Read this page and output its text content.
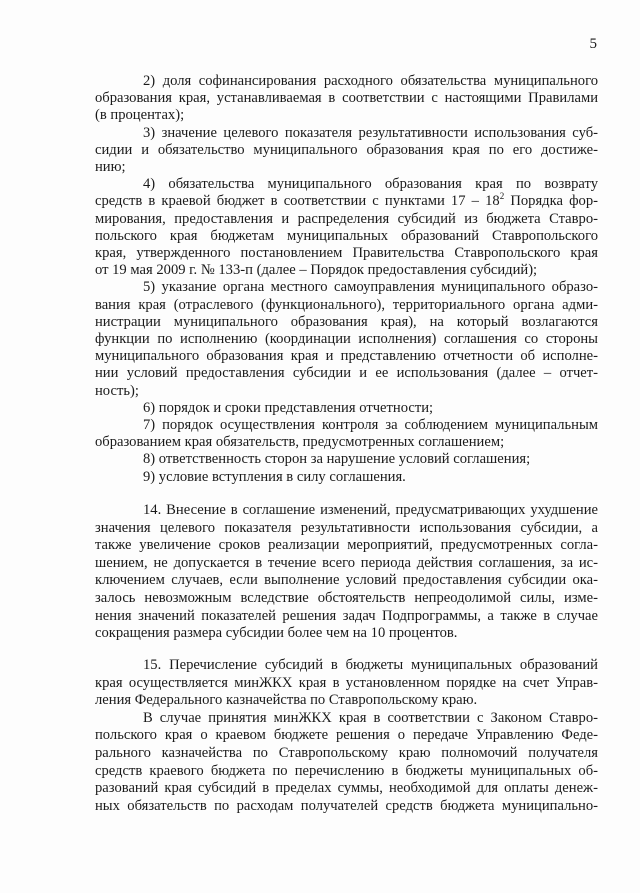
5
2) доля софинансирования расходного обязательства муниципального
образования края, устанавливаемая в соответствии с настоящими Правилами
(в процентах);
3) значение целевого показателя результативности использования суб-
сидии и обязательство муниципального образования края по его достиже-
нию;
4) обязательства муниципального образования края по возврату
средств в краевой бюджет в соответствии с пунктами $17 - 18^2$ Порядка фор-
мирования, предоставления и распределения субсидий из бюджета Ставро-
польского края бюджетам муниципальных образований Ставропольского
края, утвержденного постановлением Правительства Ставропольского края
от 19 мая 2009 г. № 133-п (далее – Порядок предоставления субсидий);
5) указание органа местного самоуправления муниципального образо-
вания края (отраслевого (функционального), территориального органа адми-
нистрации муниципального образования края), на который возлагаются
функции по исполнению (координации исполнения) соглашения со стороны
муниципального образования края и представлению отчетности об исполне-
нии условий предоставления субсидии и ее использования (далее – отчет-
ность);
6) порядок и сроки представления отчетности;
7) порядок осуществления контроля за соблюдением муниципальным
образованием края обязательств, предусмотренных соглашением;
8) ответственность сторон за нарушение условий соглашения;
9) условие вступления в силу соглашения.
14. Внесение в соглашение изменений, предусматривающих ухудшение
значения целевого показателя результативности использования субсидии, а
также увеличение сроков реализации мероприятий, предусмотренных согла-
шением, не допускается в течение всего периода действия соглашения, за ис-
ключением случаев, если выполнение условий предоставления субсидии ока-
залось невозможным вследствие обстоятельств непреодолимой силы, изме-
нения значений показателей решения задач Подпрограммы, а также в случае
сокращения размера субсидии более чем на 10 процентов.
15. Перечисление субсидий в бюджеты муниципальных образований
края осуществляется минЖКХ края в установленном порядке на счет Управ-
ления Федерального казначейства по Ставропольскому краю.
В случае принятия минЖКХ края в соответствии с Законом Ставро-
польского края о краевом бюджете решения о передаче Управлению Феде-
рального казначейства по Ставропольскому краю полномочий получателя
средств краевого бюджета по перечислению в бюджеты муниципальных об-
разований края субсидий в пределах суммы, необходимой для оплаты денеж-
ных обязательств по расходам получателей средств бюджета муниципально-
